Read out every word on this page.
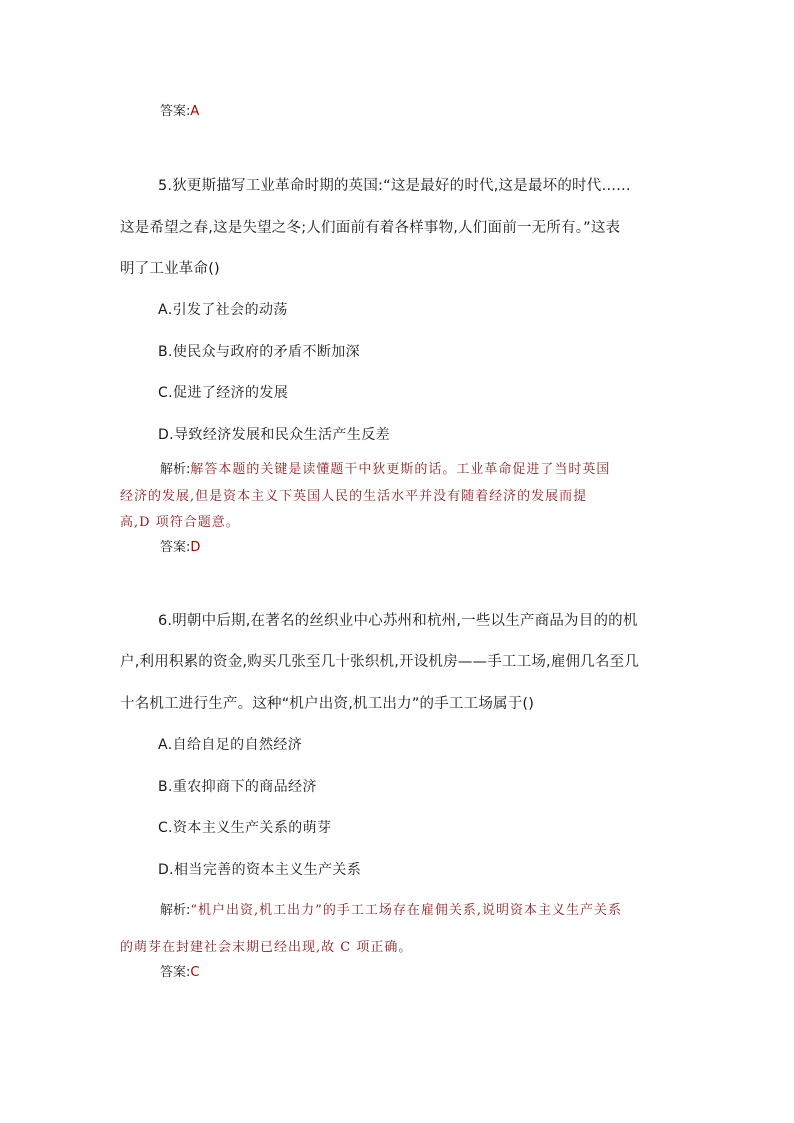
答案:A
5.狄更斯描写工业革命时期的英国:“这是最好的时代,这是最坏的时代……
这是希望之春,这是失望之冬;人们面前有着各样事物,人们面前一无所有。”这表
明了工业革命()
A.引发了社会的动荡
B.使民众与政府的矛盾不断加深
C.促进了经济的发展
D.导致经济发展和民众生活产生反差
解析:解答本题的关键是读懂题干中狄更斯的话。工业革命促进了当时英国
经济的发展,但是资本主义下英国人民的生活水平并没有随着经济的发展而提
高,D 项符合题意。
答案:D
6.明朝中后期,在著名的丝织业中心苏州和杭州,一些以生产商品为目的的机
户,利用积累的资金,购买几张至几十张织机,开设机房——手工工场,雇佣几名至几
十名机工进行生产。这种“机户出资,机工出力”的手工工场属于()
A.自给自足的自然经济
B.重农抑商下的商品经济
C.资本主义生产关系的萌芽
D.相当完善的资本主义生产关系
解析:“机户出资,机工出力”的手工工场存在雇佣关系,说明资本主义生产关系
的萌芽在封建社会末期已经出现,故 C 项正确。
答案:C
